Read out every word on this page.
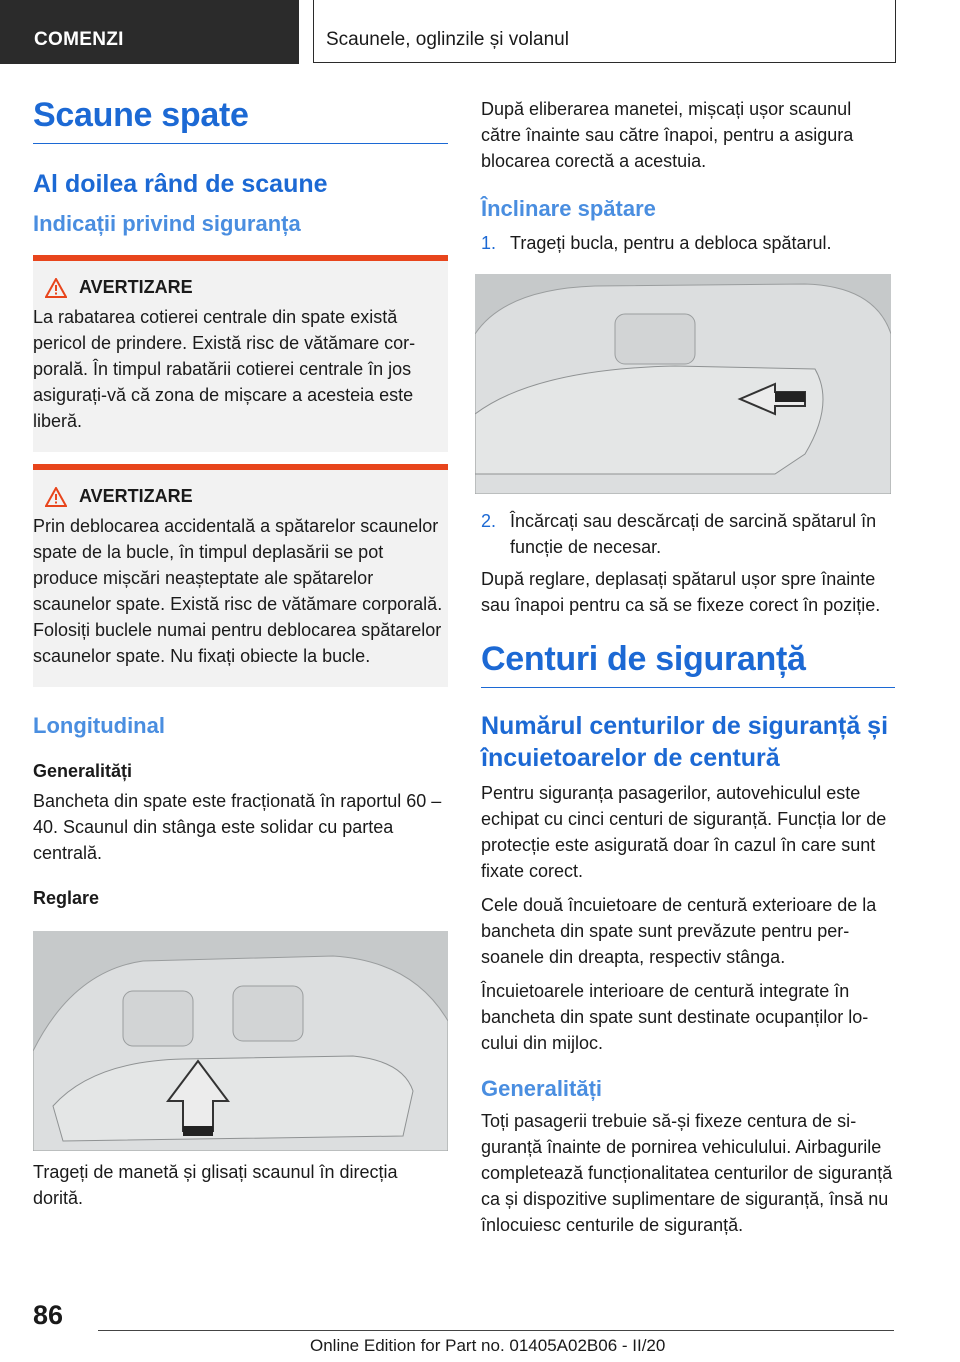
COMENZI	Scaunele, oglinzile și volanul
Scaune spate
Al doilea rând de scaune
Indicații privind siguranța
AVERTIZARE

La rabatarea cotierei centrale din spate există pericol de prindere. Există risc de vătămare corporală. În timpul rabatării cotierei centrale în jos asigurați-vă că zona de mișcare a acesteia este liberă.

AVERTIZARE

Prin deblocarea accidentală a spătarelor scaunelor spate de la bucle, în timpul deplasării se pot produce mișcări neașteptate ale spătarelor scaunelor spate. Există risc de vătămare corporală. Folosiți buclele numai pentru deblocarea spătarelor scaunelor spate. Nu fixați obiecte la bucle.

Longitudinal
Generalități

Bancheta din spate este fracționată în raportul 60 – 40. Scaunul din stânga este solidar cu partea centrală.

Reglare

Trageți de manetă și glisați scaunul în direcția dorită.

După eliberarea manetei, mișcați ușor scaunul către înainte sau către înapoi, pentru a asigura blocarea corectă a acestuia.

Înclinare spătare
1. Trageți bucla, pentru a debloca spătarul.
2. Încărcați sau descărcați de sarcină spătarul în funcție de necesar.

După reglare, deplasați spătarul ușor spre înainte sau înapoi pentru ca să se fixeze corect în poziție.

Centuri de siguranță
Numărul centurilor de siguranță și încuietoarelor de centură

Pentru siguranța pasagerilor, autovehiculul este echipat cu cinci centuri de siguranță. Funcția lor de protecție este asigurată doar în cazul în care sunt fixate corect.

Cele două încuietoare de centură exterioare de la bancheta din spate sunt prevăzute pentru persoanele din dreapta, respectiv stânga.

Încuietoarele interioare de centură integrate în bancheta din spate sunt destinate ocupanților locului din mijloc.

Generalități

Toți pasagerii trebuie să-și fixeze centura de siguranță înainte de pornirea vehiculului. Airbagurile completează funcționalitatea centurilor de siguranță ca și dispozitive suplimentare de siguranță, însă nu înlocuiesc centurile de siguranță.

86
Online Edition for Part no. 01405A02B06 - II/20
